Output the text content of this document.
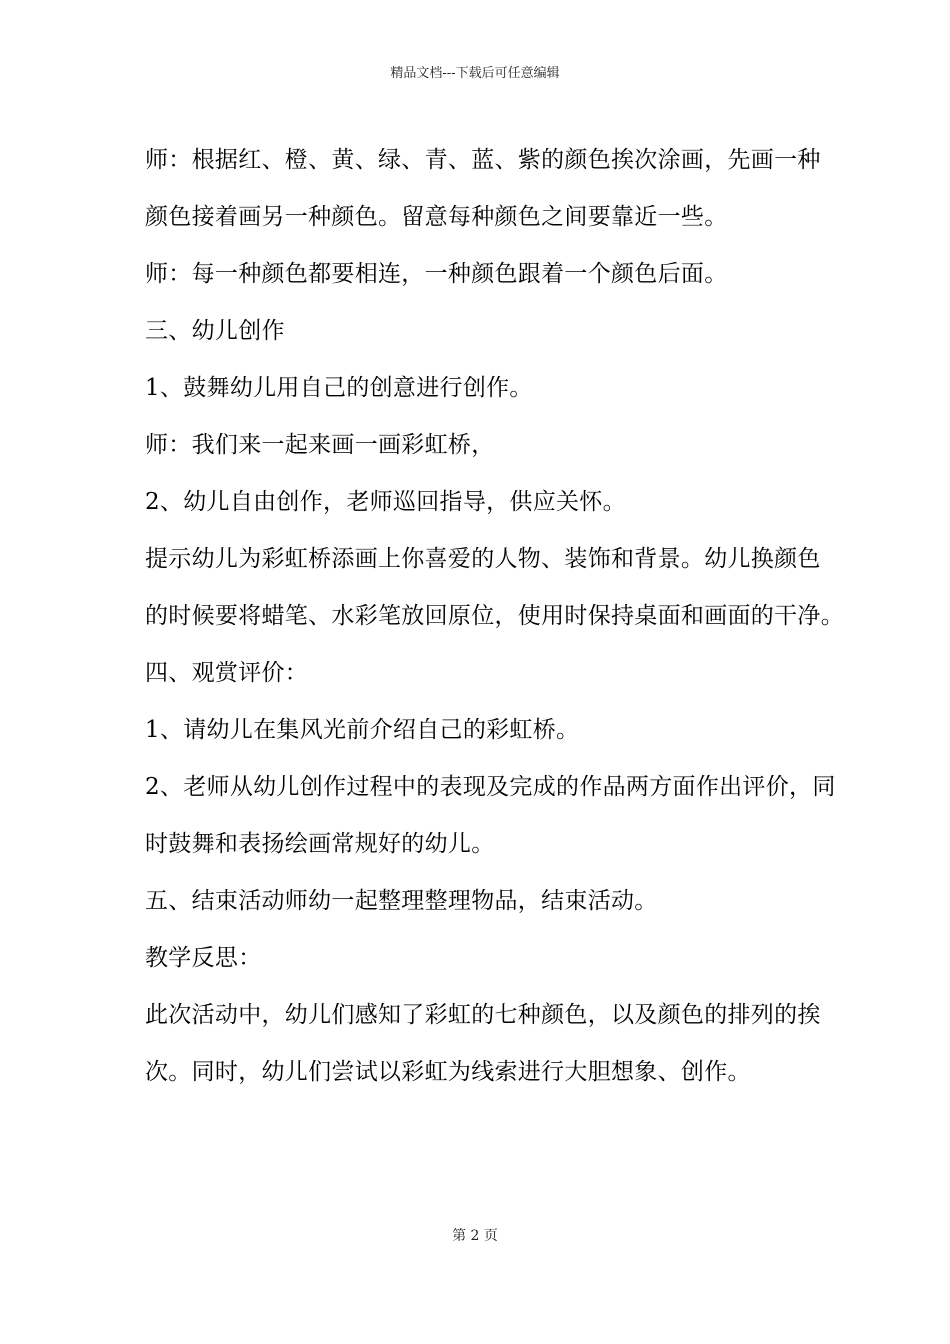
精品文档---下载后可任意编辑
师：根据红、橙、黄、绿、青、蓝、紫的颜色挨次涂画，先画一种
颜色接着画另一种颜色。留意每种颜色之间要靠近一些。
师：每一种颜色都要相连，一种颜色跟着一个颜色后面。
三、幼儿创作
1、鼓舞幼儿用自己的创意进行创作。
师：我们来一起来画一画彩虹桥，
2、幼儿自由创作，老师巡回指导，供应关怀。
提示幼儿为彩虹桥添画上你喜爱的人物、装饰和背景。幼儿换颜色
的时候要将蜡笔、水彩笔放回原位，使用时保持桌面和画面的干净。
四、观赏评价：
1、请幼儿在集风光前介绍自己的彩虹桥。
2、老师从幼儿创作过程中的表现及完成的作品两方面作出评价，同
时鼓舞和表扬绘画常规好的幼儿。
五、结束活动师幼一起整理整理物品，结束活动。
教学反思：
此次活动中，幼儿们感知了彩虹的七种颜色，以及颜色的排列的挨
次。同时，幼儿们尝试以彩虹为线索进行大胆想象、创作。
第 2 页
